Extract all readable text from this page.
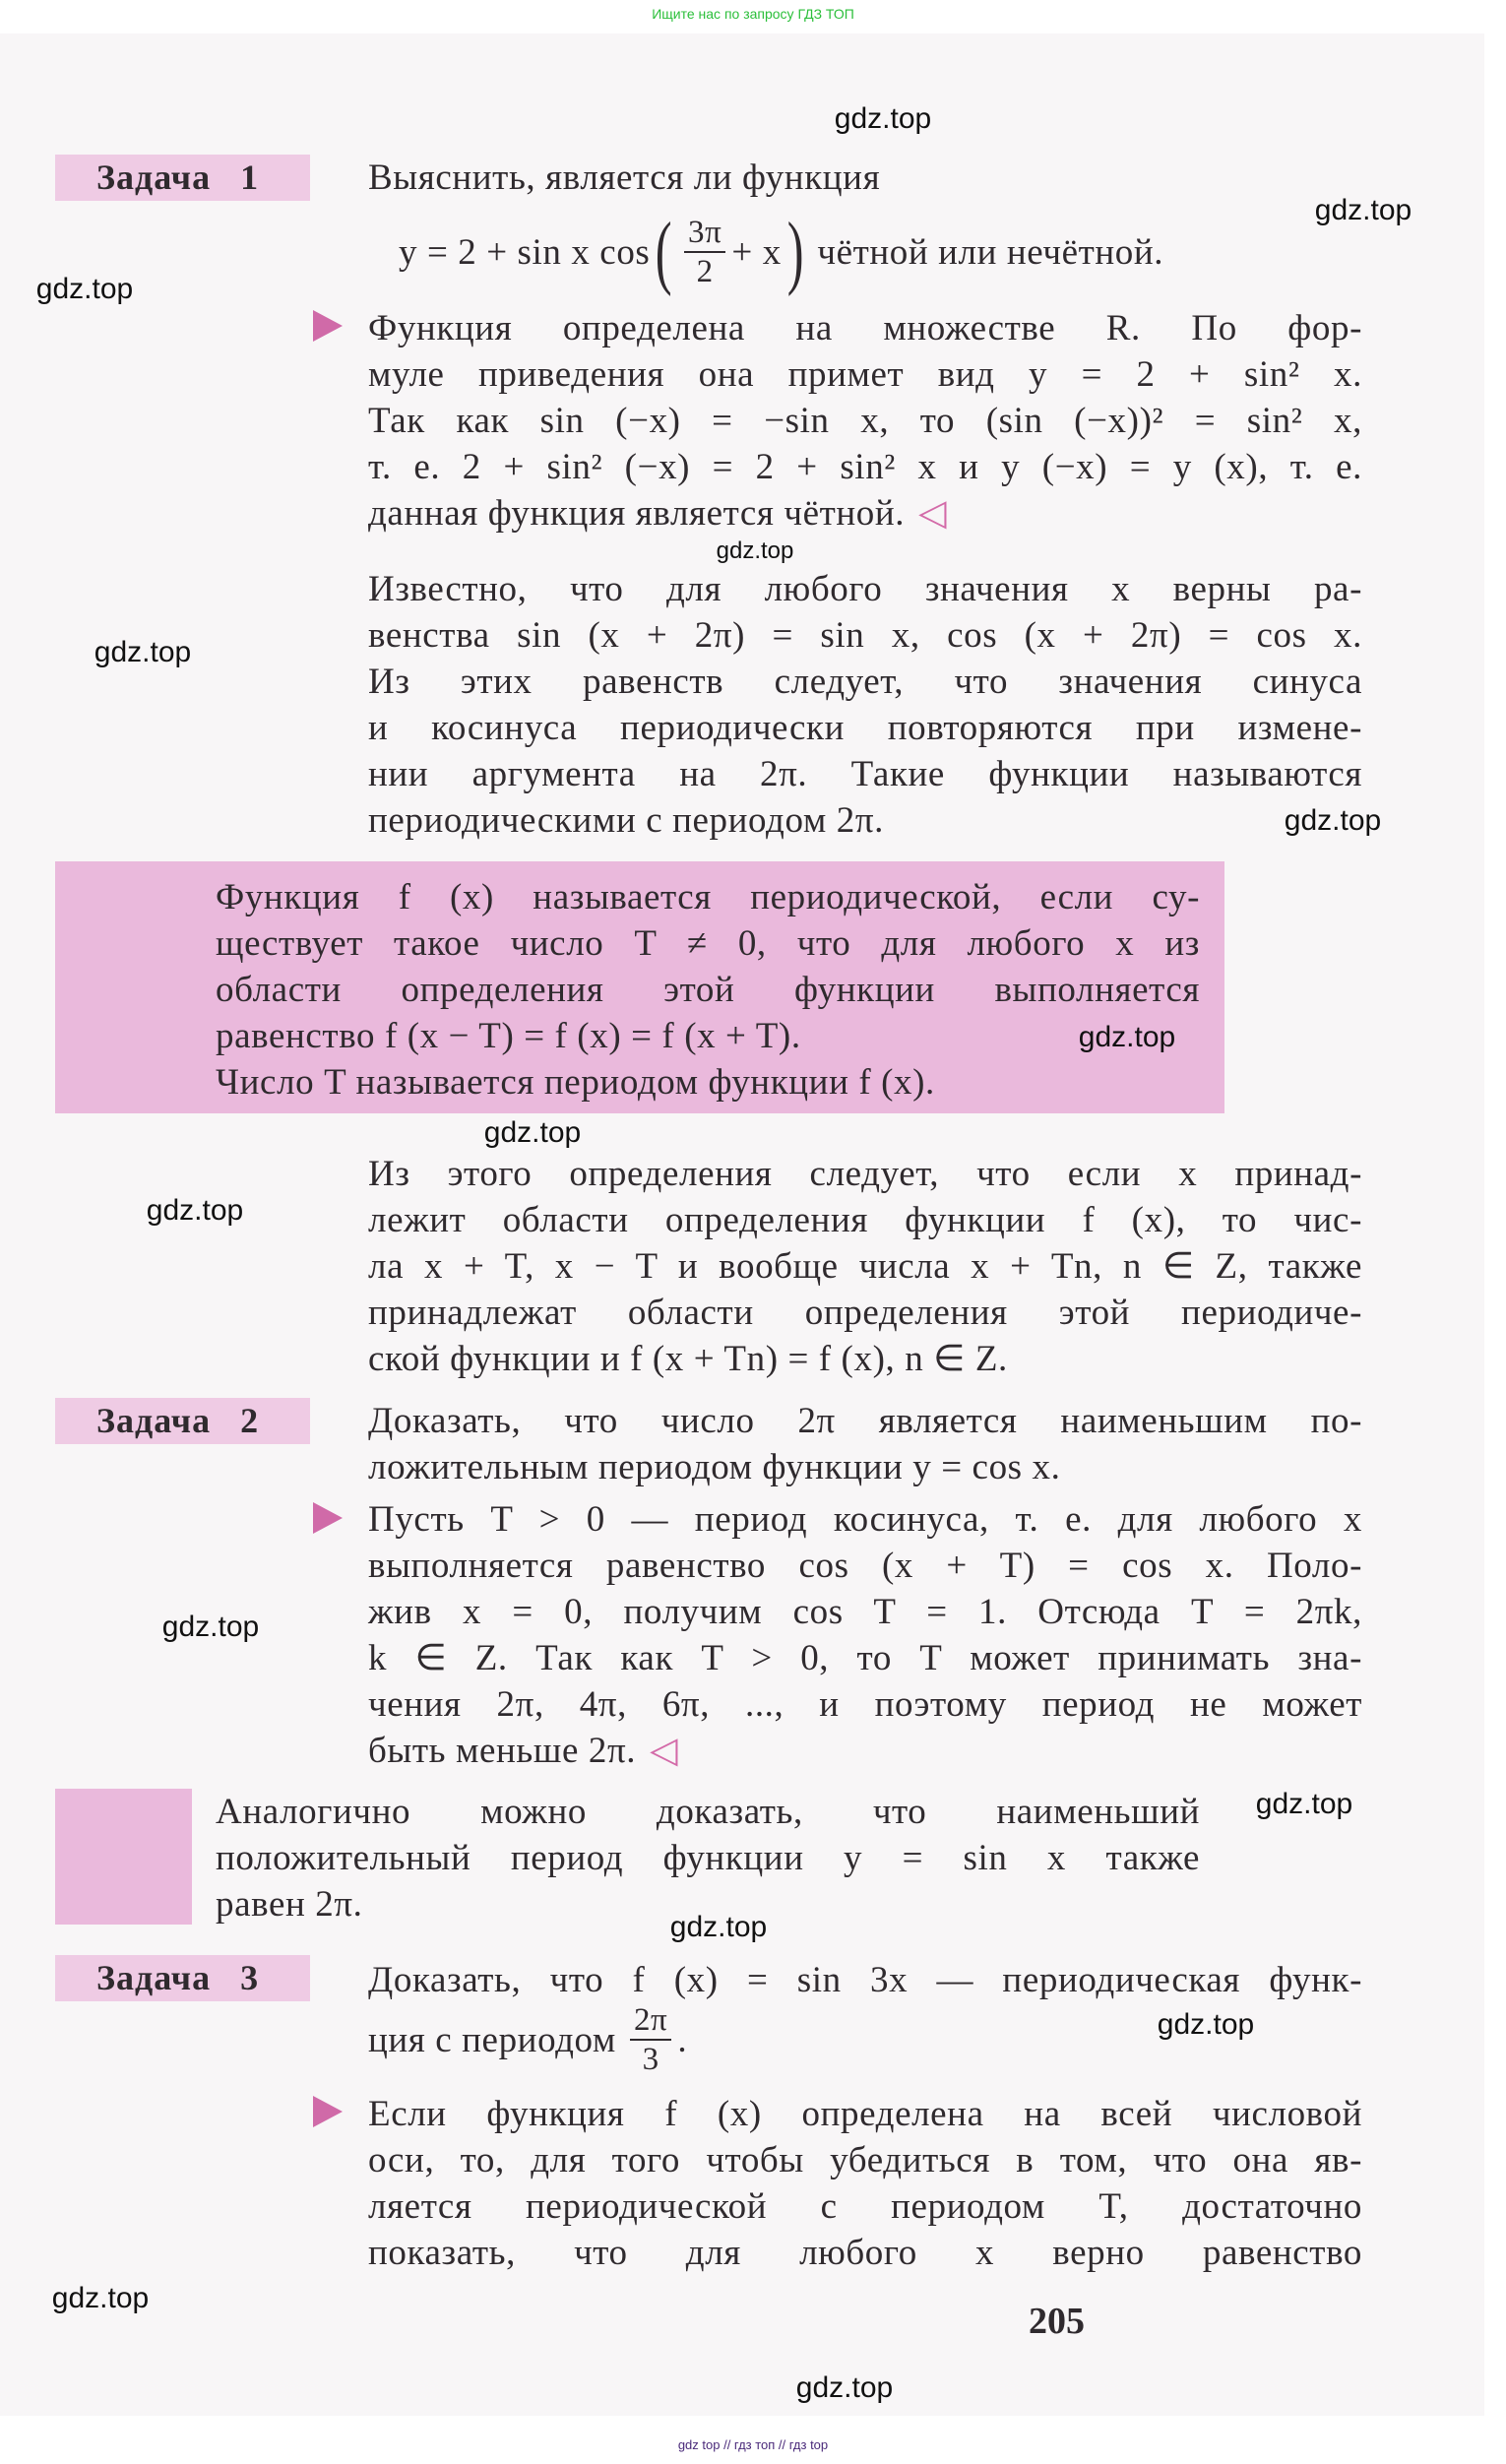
Ищите нас по запросу ГДЗ ТОП
Задача 1	Выяснить, является ли функция
y = 2 + sin x cos ( $\frac{3\pi}{2} + x$ ) чётной или нечётной.
Функция определена на множестве R. По фор-
муле приведения она примет вид y = 2 + sin² x.
Так как sin (−x) = −sin x, то (sin (−x))² = sin² x,
т. е. 2 + sin² (−x) = 2 + sin² x и y (−x) = y (x), т. е.
данная функция является чётной. ◁
Известно, что для любого значения x верны ра-
венства sin (x + 2π) = sin x, cos (x + 2π) = cos x.
Из этих равенств следует, что значения синуса
и косинуса периодически повторяются при измене-
нии аргумента на 2π. Такие функции называются
периодическими с периодом 2π.
Функция f (x) называется периодической, если су-
ществует такое число T ≠ 0, что для любого x из
области определения этой функции выполняется
равенство f (x − T) = f (x) = f (x + T).
Число T называется периодом функции f (x).
Из этого определения следует, что если x принад-
лежит области определения функции f (x), то чис-
ла x + T, x − T и вообще числа x + Tn, n ∈ Z, также
принадлежат области определения этой периодиче-
ской функции и f (x + Tn) = f (x), n ∈ Z.
Задача 2	Доказать, что число 2π является наименьшим по-
ложительным периодом функции y = cos x.
Пусть T > 0 — период косинуса, т. е. для любого x
выполняется равенство cos (x + T) = cos x. Поло-
жив x = 0, получим cos T = 1. Отсюда T = 2πk,
k ∈ Z. Так как T > 0, то T может принимать зна-
чения 2π, 4π, 6π, ..., и поэтому период не может
быть меньше 2π. ◁
Аналогично можно доказать, что наименьший
положительный период функции y = sin x также
равен 2π.
Задача 3	Доказать, что f (x) = sin 3x — периодическая функ-
ция с периодом $\frac{2\pi}{3}$ .
Если функция f (x) определена на всей числовой
оси, то, для того чтобы убедиться в том, что она яв-
ляется периодической с периодом T, достаточно
показать, что для любого x верно равенство
205
gdz.top
gdz.top
gdz.top
gdz.top
gdz.top
gdz.top
gdz.top
gdz.top
gdz.top
gdz.top
gdz.top
gdz.top
gdz.top
gdz.top
gdz.top
gdz top // гдз топ // гдз top
